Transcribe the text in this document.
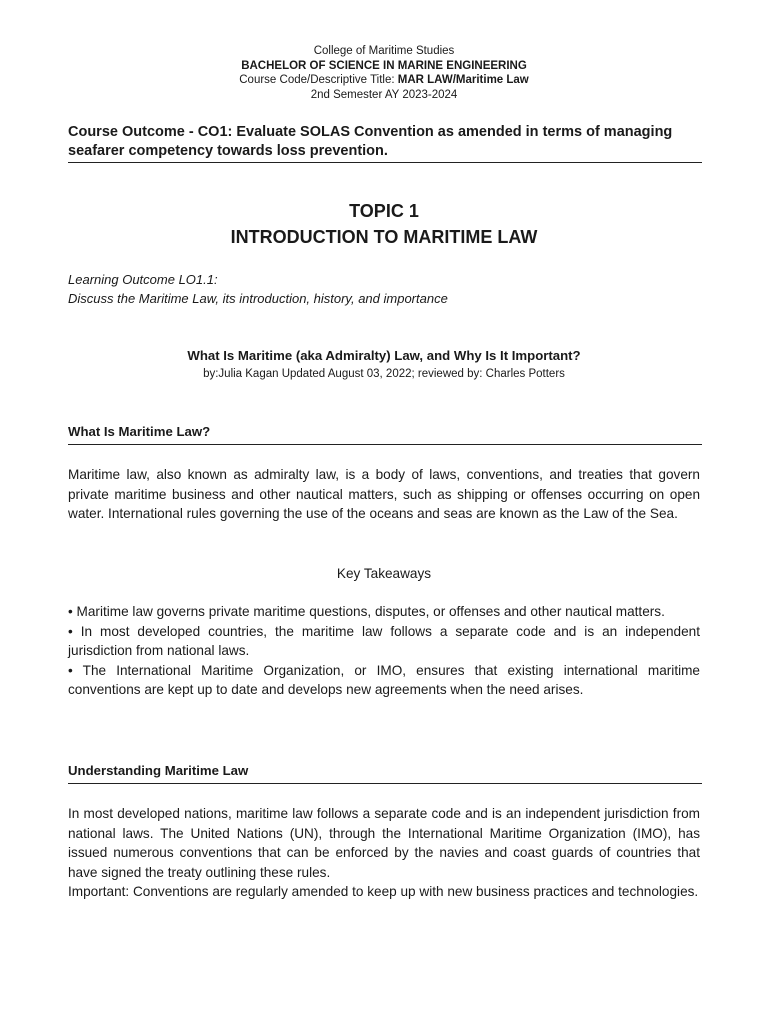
College of Maritime Studies
BACHELOR OF SCIENCE IN MARINE ENGINEERING
Course Code/Descriptive Title: MAR LAW/Maritime Law
2nd Semester AY 2023-2024
Course Outcome - CO1: Evaluate SOLAS Convention as amended in terms of managing seafarer competency towards loss prevention.
TOPIC 1
INTRODUCTION TO MARITIME LAW
Learning Outcome LO1.1:
Discuss the Maritime Law, its introduction, history, and importance
What Is Maritime (aka Admiralty) Law, and Why Is It Important?
by:Julia Kagan Updated August 03, 2022; reviewed by: Charles Potters
What Is Maritime Law?
Maritime law, also known as admiralty law, is a body of laws, conventions, and treaties that govern private maritime business and other nautical matters, such as shipping or offenses occurring on open water. International rules governing the use of the oceans and seas are known as the Law of the Sea.
Key Takeaways

• Maritime law governs private maritime questions, disputes, or offenses and other nautical matters.

• In most developed countries, the maritime law follows a separate code and is an independent jurisdiction from national laws.

• The International Maritime Organization, or IMO, ensures that existing international maritime conventions are kept up to date and develops new agreements when the need arises.

Understanding Maritime Law

In most developed nations, maritime law follows a separate code and is an independent jurisdiction from national laws. The United Nations (UN), through the International Maritime Organization (IMO), has issued numerous conventions that can be enforced by the navies and coast guards of countries that have signed the treaty outlining these rules.

Important: Conventions are regularly amended to keep up with new business practices and technologies.
